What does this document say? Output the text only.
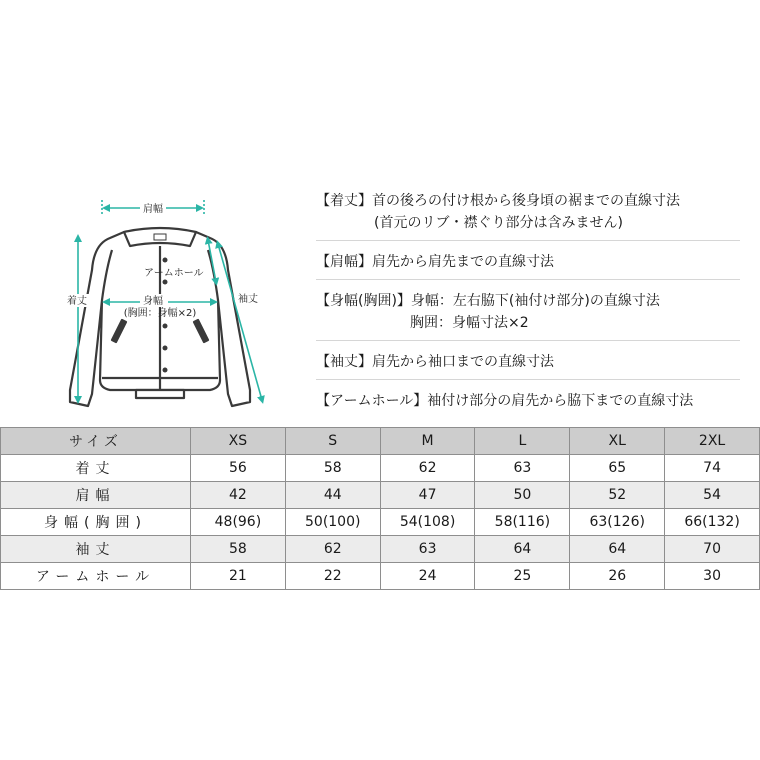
肩幅
アームホール
着丈	身幅
(胸囲：身幅×2)
袖丈
【着丈】首の後ろの付け根から後身頃の裾までの直線寸法
(首元のリブ・襟ぐり部分は含みません)
【肩幅】肩先から肩先までの直線寸法
【身幅(胸囲)】身幅：左右脇下(袖付け部分)の直線寸法
胸囲：身幅寸法×2
【袖丈】肩先から袖口までの直線寸法
【アームホール】袖付け部分の肩先から脇下までの直線寸法
サイズ	XS	S	M	L	XL	2XL
着丈	56	58	62	63	65	74
肩幅	42	44	47	50	52	54
身幅(胸囲)	48(96)	50(100)	54(108)	58(116)	63(126)	66(132)
袖丈	58	62	63	64	64	70
アームホール	21	22	24	25	26	30
